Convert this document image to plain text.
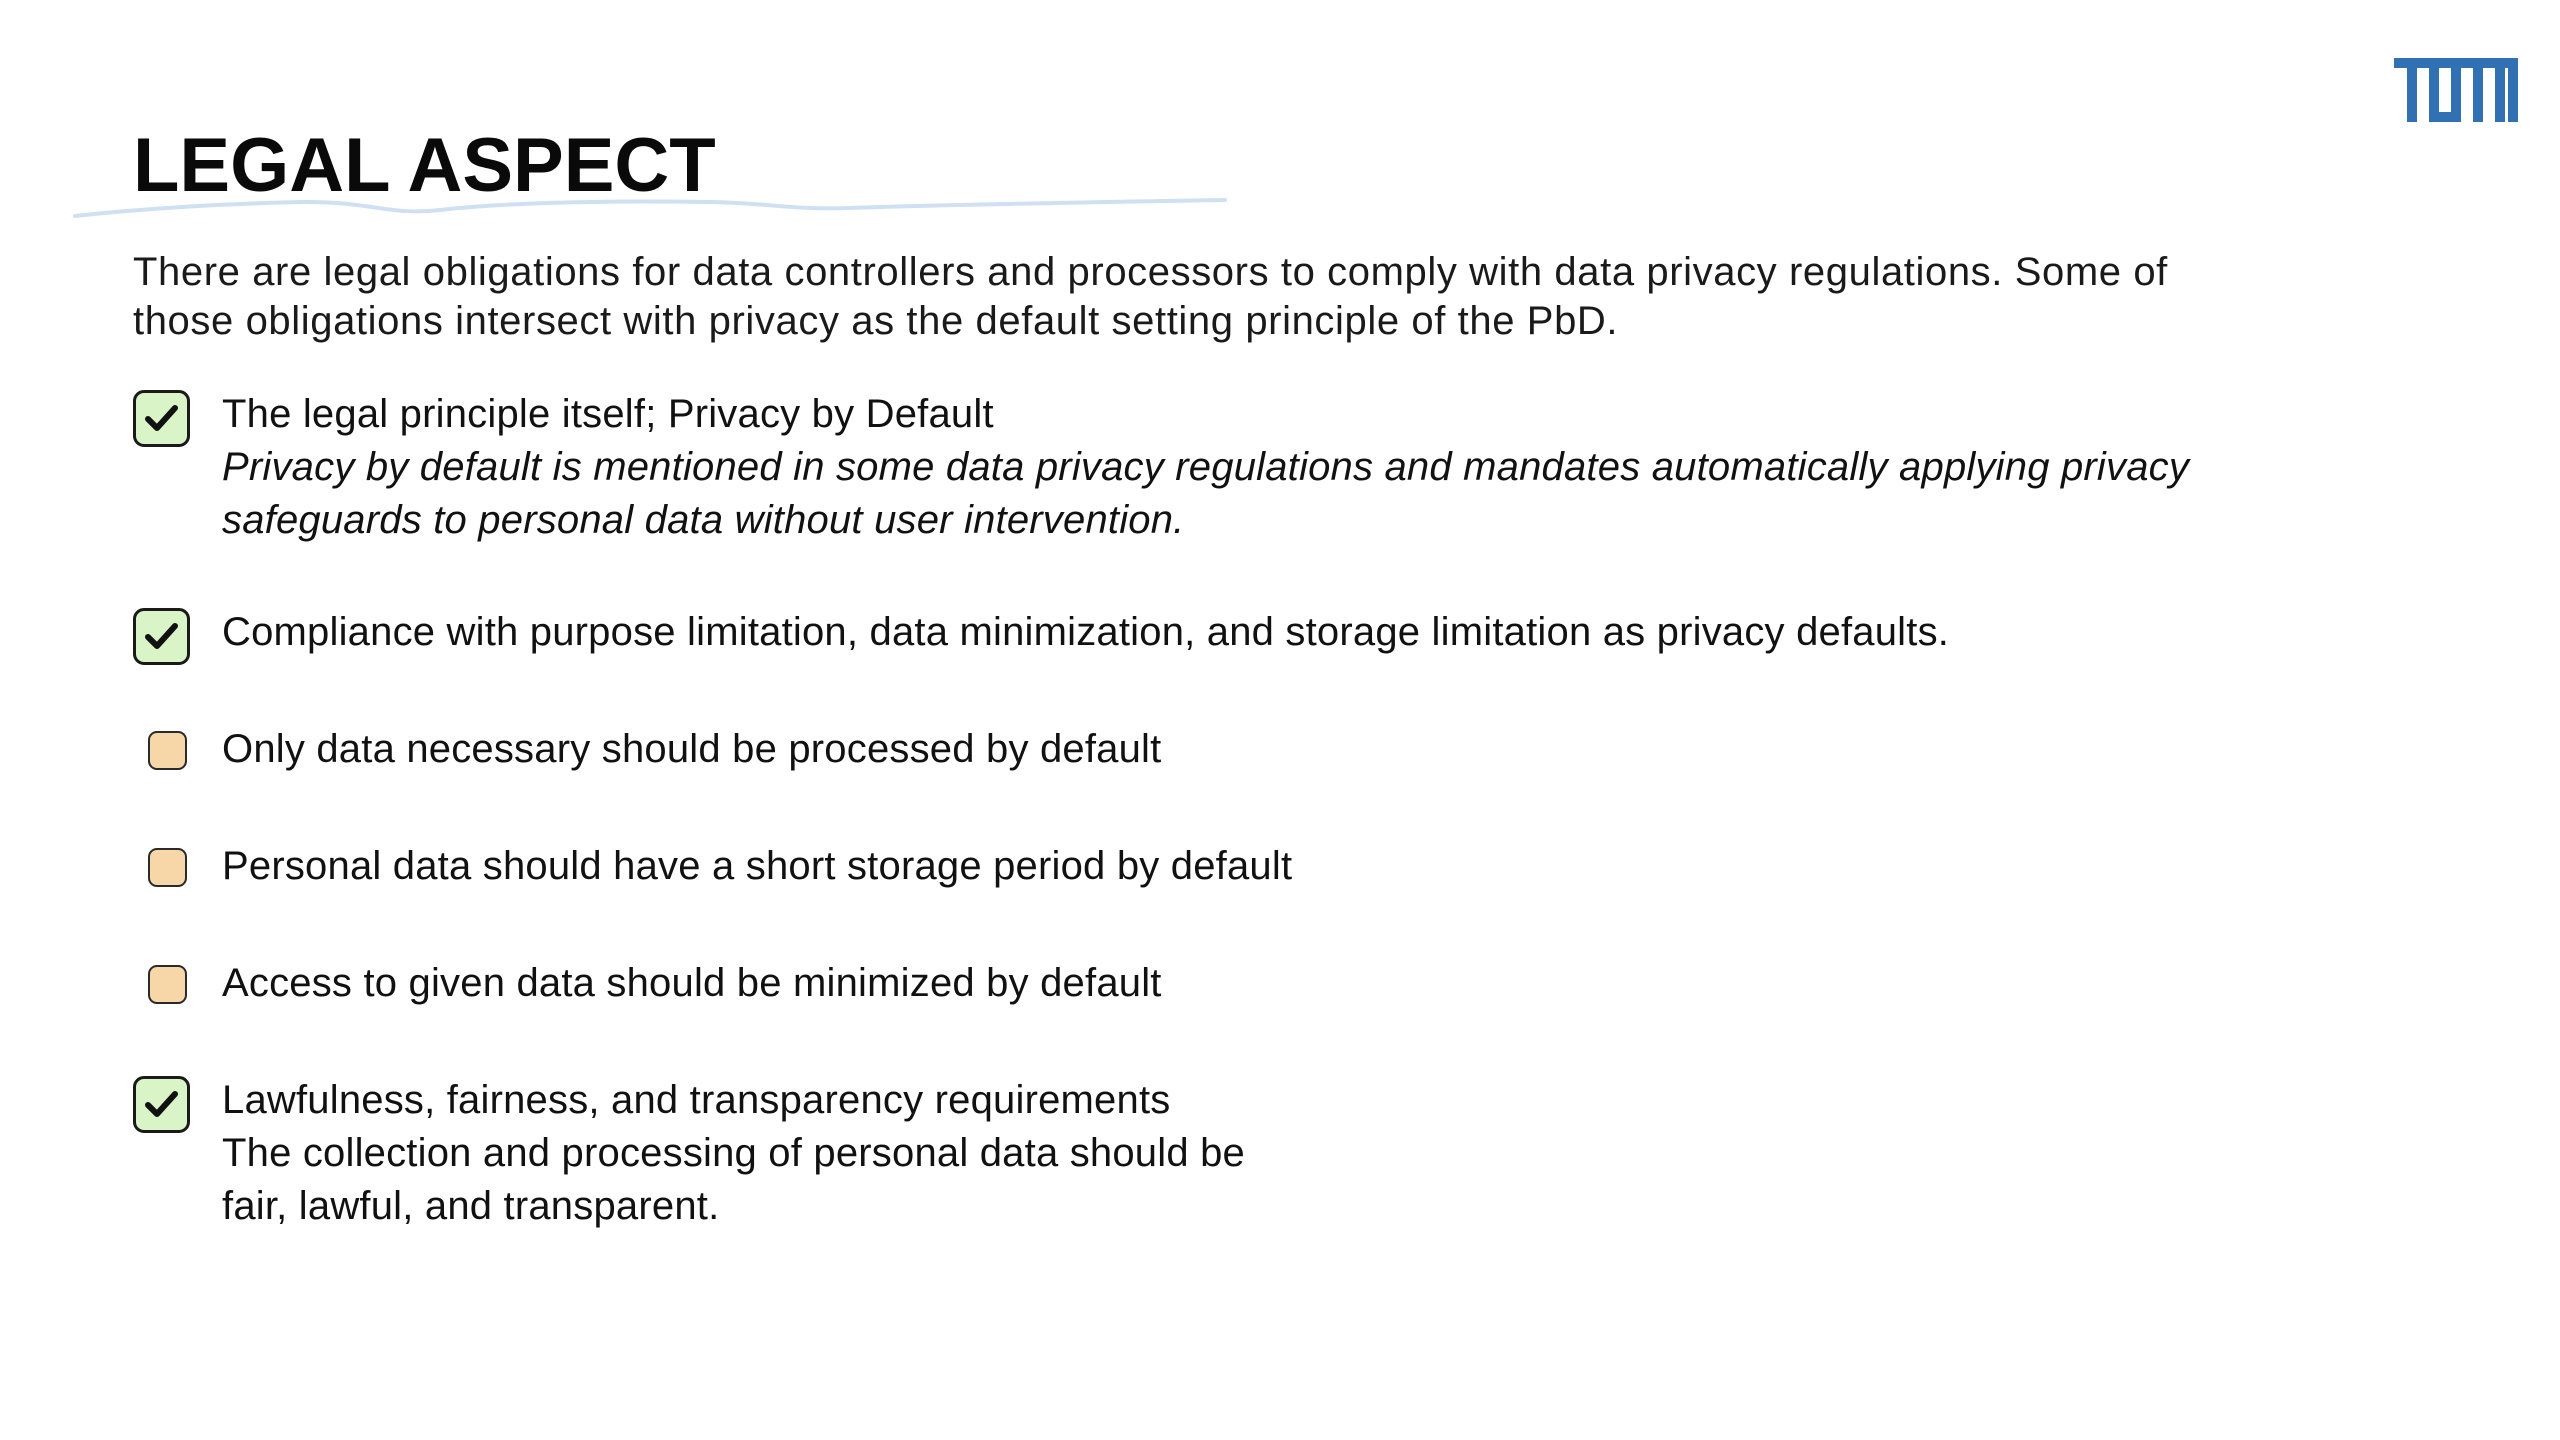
LEGAL ASPECT
There are legal obligations for data controllers and processors to comply with data privacy regulations. Some of
those obligations intersect with privacy as the default setting principle of the PbD.
The legal principle itself; Privacy by Default
Privacy by default is mentioned in some data privacy regulations and mandates automatically applying privacy
safeguards to personal data without user intervention.
Compliance with purpose limitation, data minimization, and storage limitation as privacy defaults.
Only data necessary should be processed by default
Personal data should have a short storage period by default
Access to given data should be minimized by default
Lawfulness, fairness, and transparency requirements
The collection and processing of personal data should be
fair, lawful, and transparent.
